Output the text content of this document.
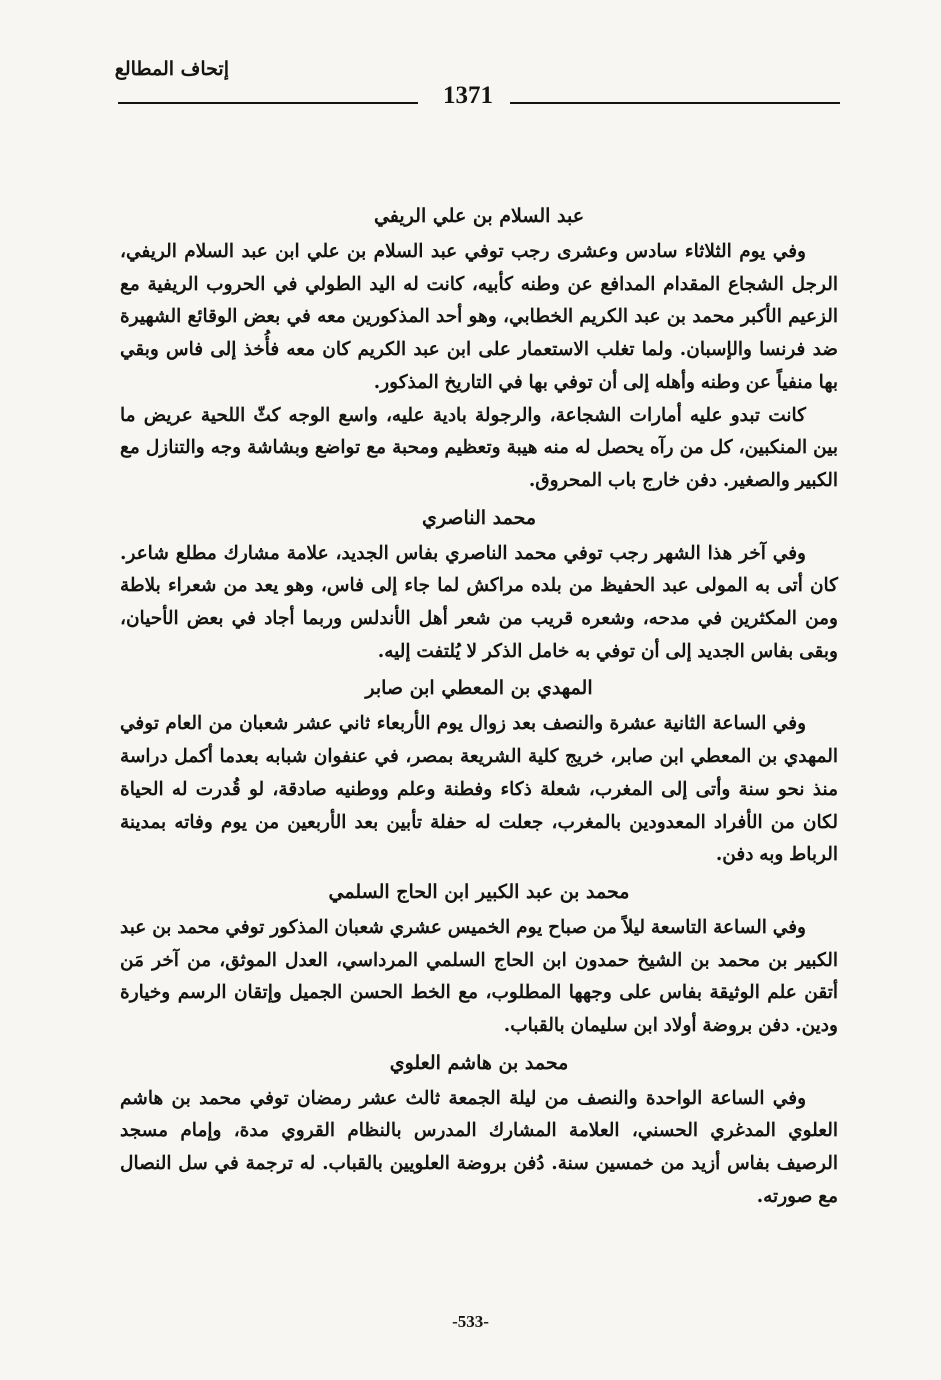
إتحاف المطالع
1371
عبد السلام بن علي الريفي

وفي يوم الثلاثاء سادس وعشرى رجب توفي عبد السلام بن علي ابن عبد السلام الريفي، الرجل الشجاع المقدام المدافع عن وطنه كأبيه، كانت له اليد الطولي في الحروب الريفية مع الزعيم الأكبر محمد بن عبد الكريم الخطابي، وهو أحد المذكورين معه في بعض الوقائع الشهيرة ضد فرنسا والإسبان. ولما تغلب الاستعمار على ابن عبد الكريم كان معه فأُخذ إلى فاس وبقي بها منفياً عن وطنه وأهله إلى أن توفي بها في التاريخ المذكور.

كانت تبدو عليه أمارات الشجاعة، والرجولة بادية عليه، واسع الوجه كثّ اللحية عريض ما بين المنكبين، كل من رآه يحصل له منه هيبة وتعظيم ومحبة مع تواضع وبشاشة وجه والتنازل مع الكبير والصغير. دفن خارج باب المحروق.

محمد الناصري

وفي آخر هذا الشهر رجب توفي محمد الناصري بفاس الجديد، علامة مشارك مطلع شاعر. كان أتى به المولى عبد الحفيظ من بلده مراكش لما جاء إلى فاس، وهو يعد من شعراء بلاطة ومن المكثرين في مدحه، وشعره قريب من شعر أهل الأندلس وربما أجاد في بعض الأحيان، وبقى بفاس الجديد إلى أن توفي به خامل الذكر لا يُلتفت إليه.

المهدي بن المعطي ابن صابر

وفي الساعة الثانية عشرة والنصف بعد زوال يوم الأربعاء ثاني عشر شعبان من العام توفي المهدي بن المعطي ابن صابر، خريج كلية الشريعة بمصر، في عنفوان شبابه بعدما أكمل دراسة منذ نحو سنة وأتى إلى المغرب، شعلة ذكاء وفطنة وعلم ووطنيه صادقة، لو قُدرت له الحياة لكان من الأفراد المعدودين بالمغرب، جعلت له حفلة تأبين بعد الأربعين من يوم وفاته بمدينة الرباط وبه دفن.

محمد بن عبد الكبير ابن الحاج السلمي

وفي الساعة التاسعة ليلاً من صباح يوم الخميس عشري شعبان المذكور توفي محمد بن عبد الكبير بن محمد بن الشيخ حمدون ابن الحاج السلمي المرداسي، العدل الموثق، من آخر مَن أتقن علم الوثيقة بفاس على وجهها المطلوب، مع الخط الحسن الجميل وإتقان الرسم وخيارة ودين. دفن بروضة أولاد ابن سليمان بالقباب.

محمد بن هاشم العلوي

وفي الساعة الواحدة والنصف من ليلة الجمعة ثالث عشر رمضان توفي محمد بن هاشم العلوي المدغري الحسني، العلامة المشارك المدرس بالنظام القروي مدة، وإمام مسجد الرصيف بفاس أزيد من خمسين سنة. دُفن بروضة العلويين بالقباب. له ترجمة في سل النصال مع صورته.

-533-
